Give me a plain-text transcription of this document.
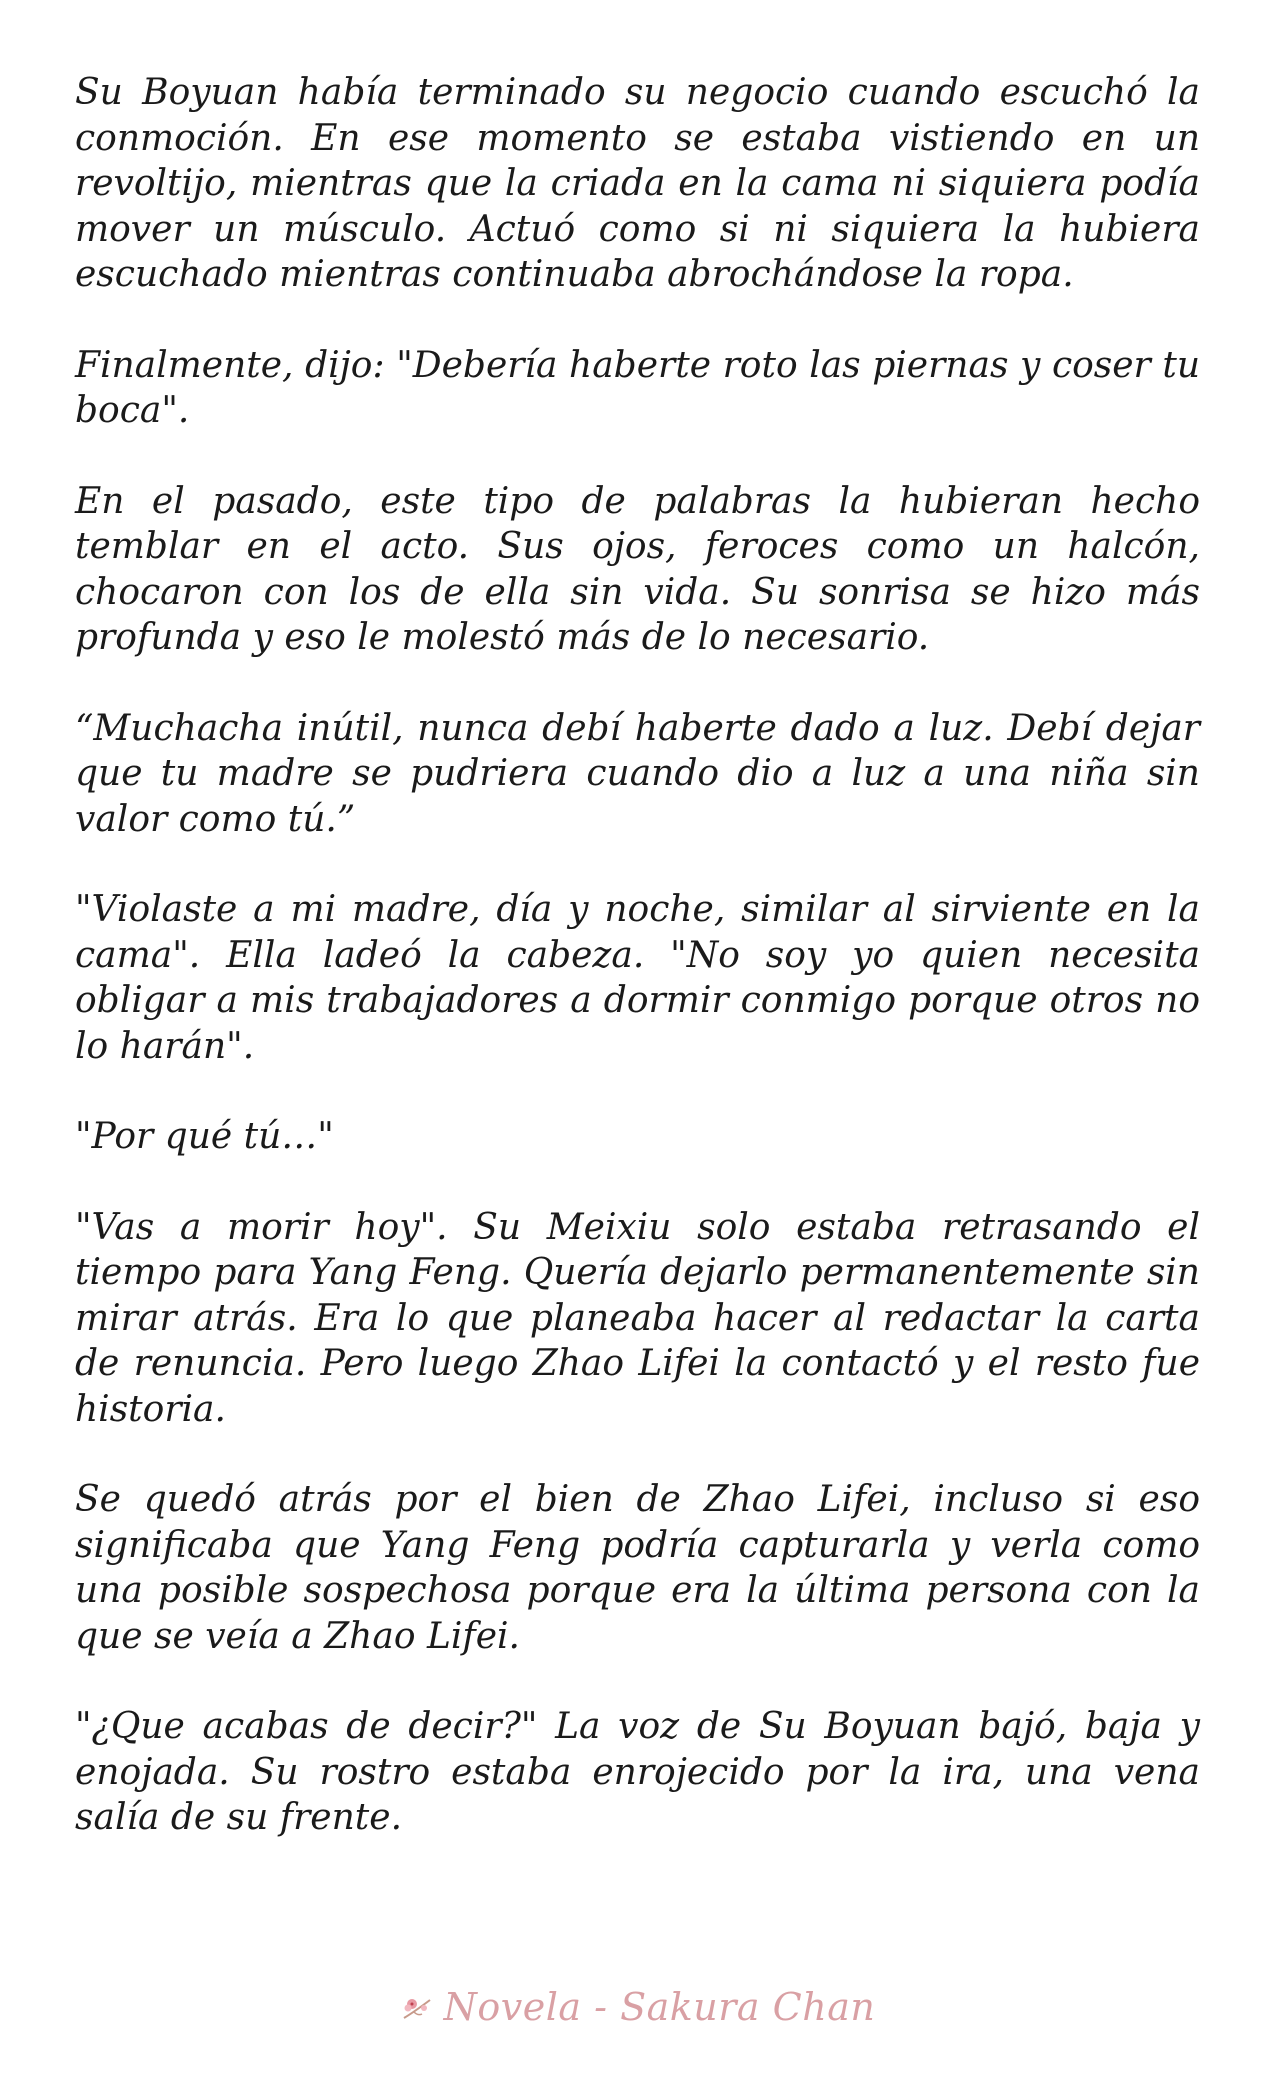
Su Boyuan había terminado su negocio cuando escuchó la conmoción. En ese momento se estaba vistiendo en un revoltijo, mientras que la criada en la cama ni siquiera podía mover un músculo. Actuó como si ni siquiera la hubiera escuchado mientras continuaba abrochándose la ropa.

Finalmente, dijo: "Debería haberte roto las piernas y coser tu boca".

En el pasado, este tipo de palabras la hubieran hecho temblar en el acto. Sus ojos, feroces como un halcón, chocaron con los de ella sin vida. Su sonrisa se hizo más profunda y eso le molestó más de lo necesario.

“Muchacha inútil, nunca debí haberte dado a luz. Debí dejar que tu madre se pudriera cuando dio a luz a una niña sin valor como tú.”

"Violaste a mi madre, día y noche, similar al sirviente en la cama". Ella ladeó la cabeza. "No soy yo quien necesita obligar a mis trabajadores a dormir conmigo porque otros no lo harán".

"Por qué tú…"

"Vas a morir hoy". Su Meixiu solo estaba retrasando el tiempo para Yang Feng. Quería dejarlo permanentemente sin mirar atrás. Era lo que planeaba hacer al redactar la carta de renuncia. Pero luego Zhao Lifei la contactó y el resto fue historia.

Se quedó atrás por el bien de Zhao Lifei, incluso si eso significaba que Yang Feng podría capturarla y verla como una posible sospechosa porque era la última persona con la que se veía a Zhao Lifei.

"¿Que acabas de decir?" La voz de Su Boyuan bajó, baja y enojada. Su rostro estaba enrojecido por la ira, una vena salía de su frente.

Novela - Sakura Chan
